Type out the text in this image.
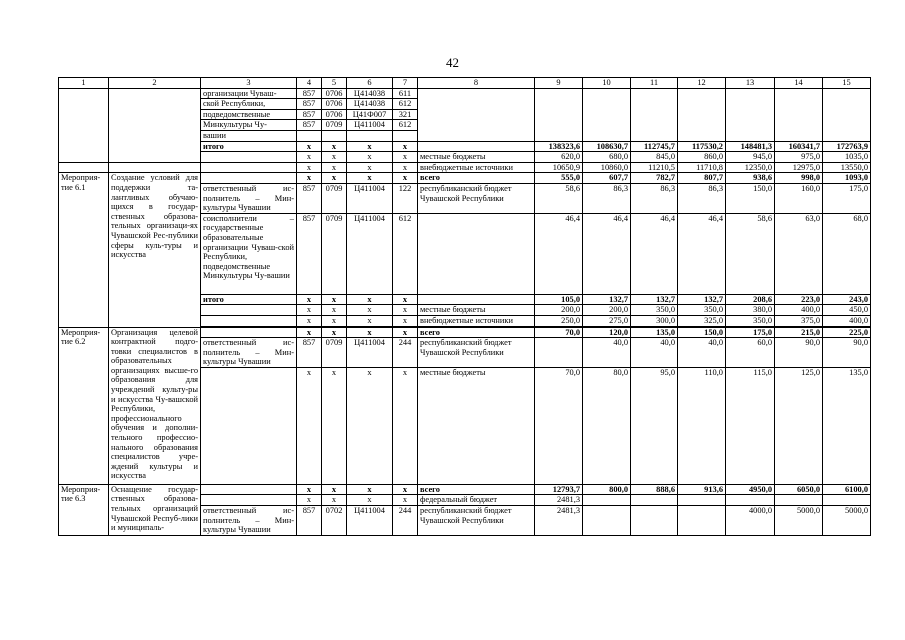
42
1	2	3	4	5	6	7	8	9	10	11	12	13	14	15
		организации Чуваш-	857	0706	Ц414038	611								
		ской Республики,	857	0706	Ц414038	612								
		подведомственные	857	0706	Ц41Ф007	321								
		Минкультуры Чу-	857	0709	Ц411004	612								
		вашии												
		итого	x	x	x	x		138323,6	108630,7	112745,7	117530,2	148481,3	160341,7	172763,9
			x	x	x	x	местные бюджеты	620,0	680,0	845,0	860,0	945,0	975,0	1035,0
			x	x	x	x	внебюджетные источники	10650,9	10860,0	11210,5	11710,8	12350,0	12975,0	13550,0
Мероприя-тие 6.1	Создание условий для поддержки та-лантливых обучаю-щихся в государ-ственных образова-тельных организаци-ях Чувашской Рес-публики сферы куль-туры и искусства		x	x	x	x	всего	555,0	607,7	782,7	807,7	938,6	998,0	1093,0
		ответственный ис-полнитель – Мин-культуры Чувашии	857	0709	Ц411004	122	республиканский бюджет Чувашской Республики	58,6	86,3	86,3	86,3	150,0	160,0	175,0
		соисполнители – государственные образовательные организации Чуваш-ской Республики, подведомственные Минкультуры Чу-вашии	857	0709	Ц411004	612		46,4	46,4	46,4	46,4	58,6	63,0	68,0
		итого	x	x	x	x		105,0	132,7	132,7	132,7	208,6	223,0	243,0
			x	x	x	x	местные бюджеты	200,0	200,0	350,0	350,0	380,0	400,0	450,0
			x	x	x	x	внебюджетные источники	250,0	275,0	300,0	325,0	350,0	375,0	400,0

Мероприя-тие 6.2	Организация целевой контрактной подго-товки специалистов в образовательных организациях высше-го образования для учреждений культу-ры и искусства Чу-вашской Республики, профессионального обучения и дополни-тельного профессио-нального образования специалистов учре-ждений культуры и искусства		x	x	x	x	всего	70,0	120,0	135,0	150,0	175,0	215,0	225,0
		ответственный ис-полнитель – Мин-культуры Чувашии	857	0709	Ц411004	244	республиканский бюджет Чувашской Республики		40,0	40,0	40,0	60,0	90,0	90,0
			x	x	x	x	местные бюджеты	70,0	80,0	95,0	110,0	115,0	125,0	135,0
Мероприя-тие 6.3	Оснащение государ-ственных образова-тельных организаций Чувашской Респуб-лики и муниципаль-		x	x	x	x	всего	12793,7	800,0	888,6	913,6	4950,0	6050,0	6100,0
			x	x	x	x	федеральный бюджет	2481,3						
		ответственный ис-полнитель – Мин-культуры Чувашии	857	0702	Ц411004	244	республиканский бюджет Чувашской Республики	2481,3				4000,0	5000,0	5000,0
